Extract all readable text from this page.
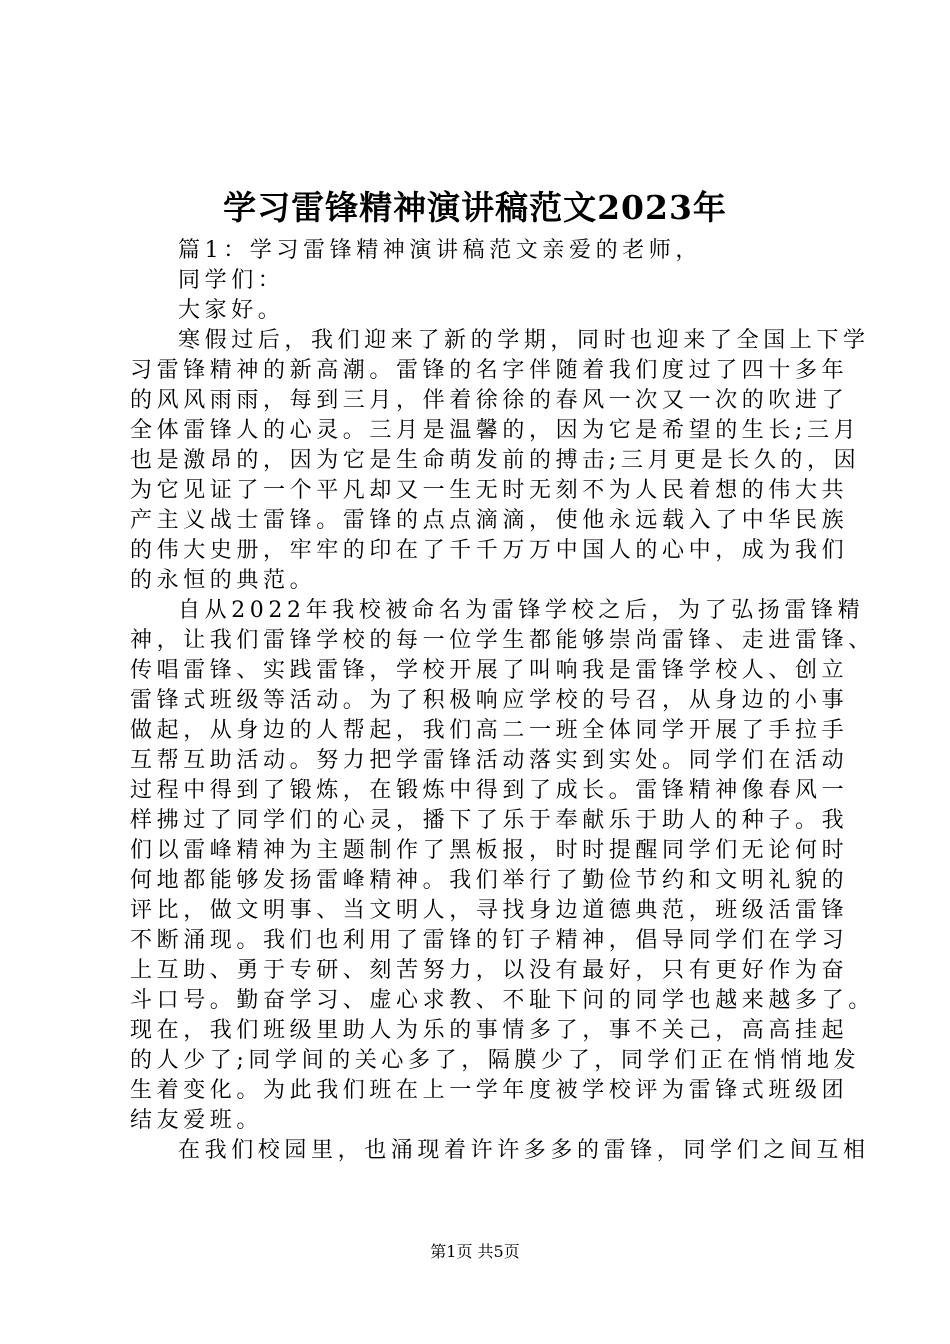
学习雷锋精神演讲稿范文2023年
篇1：学习雷锋精神演讲稿范文亲爱的老师，
同学们：
大家好。
寒假过后，我们迎来了新的学期，同时也迎来了全国上下学
习雷锋精神的新高潮。雷锋的名字伴随着我们度过了四十多年
的风风雨雨，每到三月，伴着徐徐的春风一次又一次的吹进了
全体雷锋人的心灵。三月是温馨的，因为它是希望的生长;三月
也是激昂的，因为它是生命萌发前的搏击;三月更是长久的，因
为它见证了一个平凡却又一生无时无刻不为人民着想的伟大共
产主义战士雷锋。雷锋的点点滴滴，使他永远载入了中华民族
的伟大史册，牢牢的印在了千千万万中国人的心中，成为我们
的永恒的典范。
自从2022年我校被命名为雷锋学校之后，为了弘扬雷锋精
神，让我们雷锋学校的每一位学生都能够崇尚雷锋、走进雷锋、
传唱雷锋、实践雷锋，学校开展了叫响我是雷锋学校人、创立
雷锋式班级等活动。为了积极响应学校的号召，从身边的小事
做起，从身边的人帮起，我们高二一班全体同学开展了手拉手
互帮互助活动。努力把学雷锋活动落实到实处。同学们在活动
过程中得到了锻炼，在锻炼中得到了成长。雷锋精神像春风一
样拂过了同学们的心灵，播下了乐于奉献乐于助人的种子。我
们以雷峰精神为主题制作了黑板报，时时提醒同学们无论何时
何地都能够发扬雷峰精神。我们举行了勤俭节约和文明礼貌的
评比，做文明事、当文明人，寻找身边道德典范，班级活雷锋
不断涌现。我们也利用了雷锋的钉子精神，倡导同学们在学习
上互助、勇于专研、刻苦努力，以没有最好，只有更好作为奋
斗口号。勤奋学习、虚心求教、不耻下问的同学也越来越多了。
现在，我们班级里助人为乐的事情多了，事不关己，高高挂起
的人少了;同学间的关心多了，隔膜少了，同学们正在悄悄地发
生着变化。为此我们班在上一学年度被学校评为雷锋式班级团
结友爱班。
在我们校园里，也涌现着许许多多的雷锋，同学们之间互相
第1页 共5页
